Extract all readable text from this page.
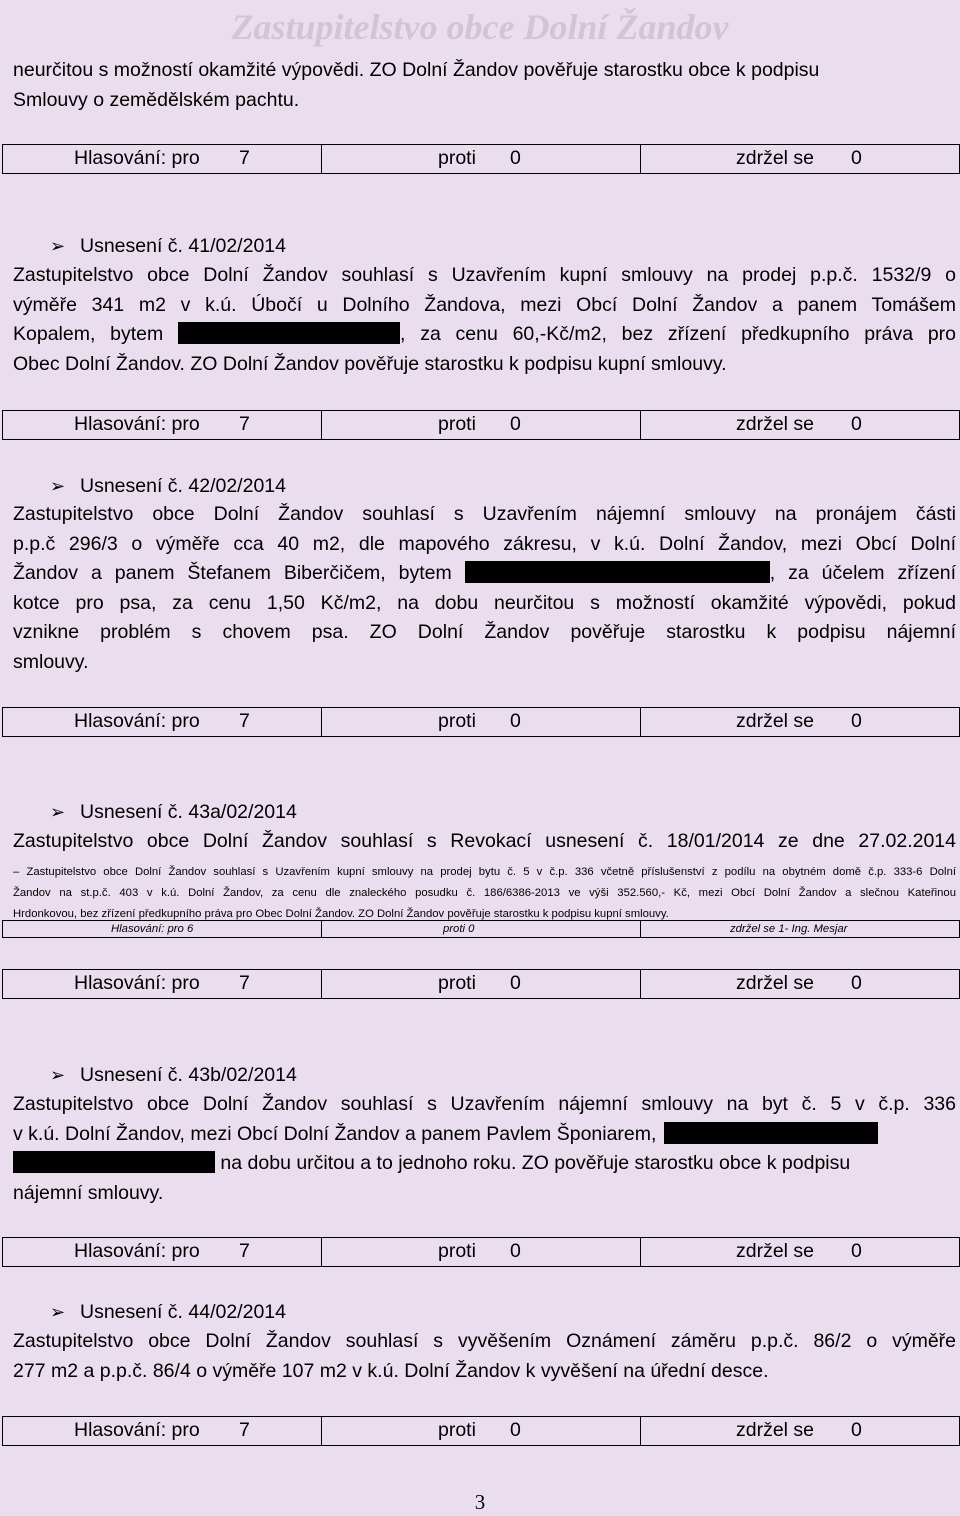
Zastupitelstvo obce Dolní Žandov
neurčitou s možností okamžité výpovědi. ZO Dolní Žandov pověřuje starostku obce k podpisu
Smlouvy o zemědělském pachtu.
Hlasování: pro 7	proti 0	zdržel se 0
➢ Usnesení č. 41/02/2014
Zastupitelstvo obce Dolní Žandov souhlasí s Uzavřením kupní smlouvy na prodej p.p.č. 1532/9 o
výměře 341 m2 v k.ú. Úbočí u Dolního Žandova, mezi Obcí Dolní Žandov a panem Tomášem
Kopalem, bytem	, za cenu 60,-Kč/m2, bez zřízení předkupního práva pro
Obec Dolní Žandov. ZO Dolní Žandov pověřuje starostku k podpisu kupní smlouvy.
Hlasování: pro 7	proti 0	zdržel se 0
➢ Usnesení č. 42/02/2014
Zastupitelstvo obce Dolní Žandov souhlasí s Uzavřením nájemní smlouvy na pronájem části
p.p.č 296/3 o výměře cca 40 m2, dle mapového zákresu, v k.ú. Dolní Žandov, mezi Obcí Dolní
Žandov a panem Štefanem Biberčičem, bytem	, za účelem zřízení
kotce pro psa, za cenu 1,50 Kč/m2, na dobu neurčitou s možností okamžité výpovědi, pokud
vznikne problém s chovem psa. ZO Dolní Žandov pověřuje starostku k podpisu nájemní
smlouvy.
Hlasování: pro 7	proti 0	zdržel se 0
➢ Usnesení č. 43a/02/2014
Zastupitelstvo obce Dolní Žandov souhlasí s Revokací usnesení č. 18/01/2014 ze dne 27.02.2014
– Zastupitelstvo obce Dolní Žandov souhlasí s Uzavřením kupní smlouvy na prodej bytu č. 5 v č.p. 336 včetně příslušenství z podílu na obytném domě č.p. 333-6 Dolní
Žandov na st.p.č. 403 v k.ú. Dolní Žandov, za cenu dle znaleckého posudku č. 186/6386-2013 ve výši 352.560,- Kč, mezi Obcí Dolní Žandov a slečnou Kateřinou
Hrdonkovou, bez zřízení předkupního práva pro Obec Dolní Žandov. ZO Dolní Žandov pověřuje starostku k podpisu kupní smlouvy.
Hlasování: pro 6	proti 0	zdržel se 1- Ing. Mesjar
Hlasování: pro 7	proti 0	zdržel se 0
➢ Usnesení č. 43b/02/2014
Zastupitelstvo obce Dolní Žandov souhlasí s Uzavřením nájemní smlouvy na byt č. 5 v č.p. 336
v k.ú. Dolní Žandov, mezi Obcí Dolní Žandov a panem Pavlem Šponiarem,
na dobu určitou a to jednoho roku. ZO pověřuje starostku obce k podpisu
nájemní smlouvy.
Hlasování: pro 7	proti 0	zdržel se 0
➢ Usnesení č. 44/02/2014
Zastupitelstvo obce Dolní Žandov souhlasí s vyvěšením Oznámení záměru p.p.č. 86/2 o výměře
277 m2 a p.p.č. 86/4 o výměře 107 m2 v k.ú. Dolní Žandov k vyvěšení na úřední desce.
Hlasování: pro 7	proti 0	zdržel se 0
3
